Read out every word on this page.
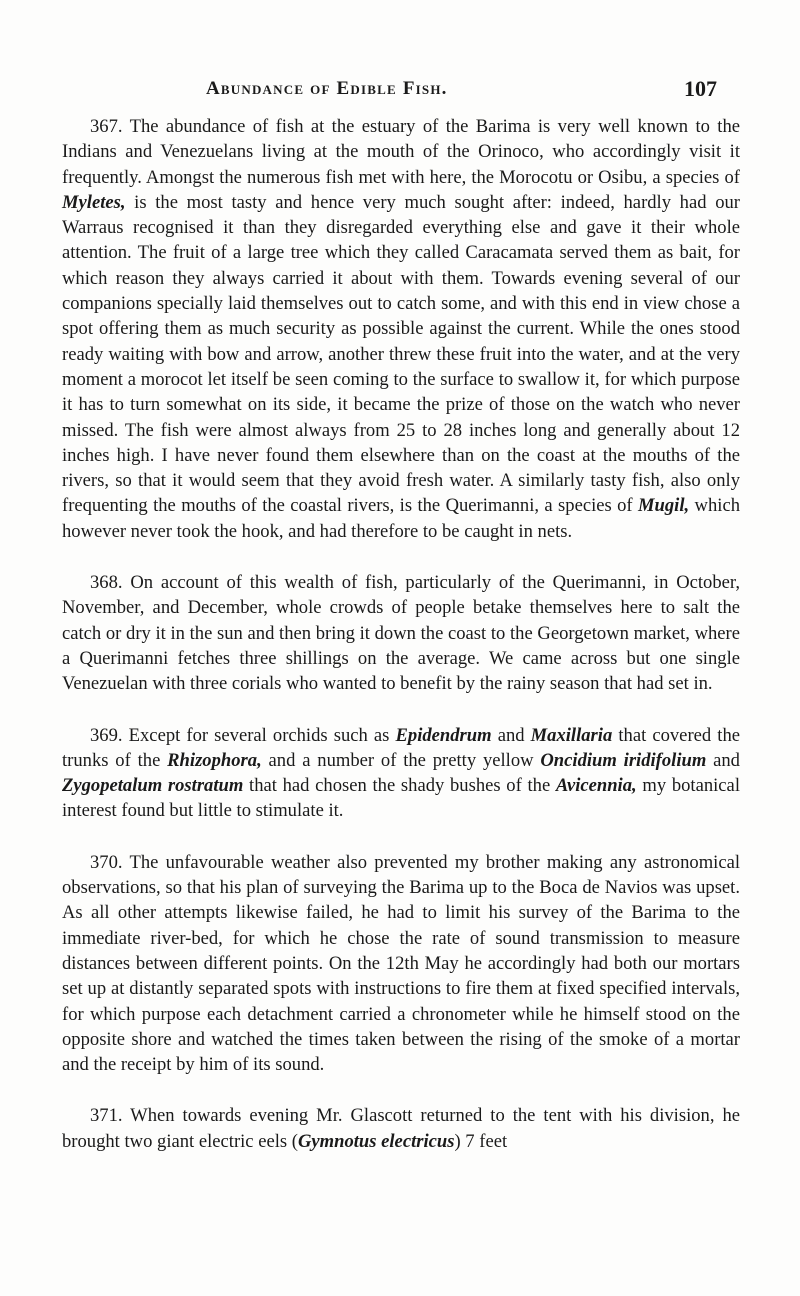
Abundance of Edible Fish.	107

367. The abundance of fish at the estuary of the Barima is very well known to the Indians and Venezuelans living at the mouth of the Orinoco, who accordingly visit it frequently. Amongst the numerous fish met with here, the Morocotu or Osibu, a species of Myletes, is the most tasty and hence very much sought after: indeed, hardly had our Warraus recognised it than they disregarded everything else and gave it their whole attention. The fruit of a large tree which they called Caracamata served them as bait, for which reason they always carried it about with them. Towards evening several of our companions specially laid themselves out to catch some, and with this end in view chose a spot offering them as much security as possible against the current. While the ones stood ready waiting with bow and arrow, another threw these fruit into the water, and at the very moment a morocot let itself be seen coming to the surface to swallow it, for which purpose it has to turn somewhat on its side, it became the prize of those on the watch who never missed. The fish were almost always from 25 to 28 inches long and generally about 12 inches high. I have never found them elsewhere than on the coast at the mouths of the rivers, so that it would seem that they avoid fresh water. A similarly tasty fish, also only frequenting the mouths of the coastal rivers, is the Querimanni, a species of Mugil, which however never took the hook, and had therefore to be caught in nets.

368. On account of this wealth of fish, particularly of the Querimanni, in October, November, and December, whole crowds of people betake themselves here to salt the catch or dry it in the sun and then bring it down the coast to the Georgetown market, where a Querimanni fetches three shillings on the average. We came across but one single Venezuelan with three corials who wanted to benefit by the rainy season that had set in.

369. Except for several orchids such as Epidendrum and Maxillaria that covered the trunks of the Rhizophora, and a number of the pretty yellow Oncidium iridifolium and Zygopetalum rostratum that had chosen the shady bushes of the Avicennia, my botanical interest found but little to stimulate it.

370. The unfavourable weather also prevented my brother making any astronomical observations, so that his plan of surveying the Barima up to the Boca de Navios was upset. As all other attempts likewise failed, he had to limit his survey of the Barima to the immediate river-bed, for which he chose the rate of sound transmission to measure distances between different points. On the 12th May he accordingly had both our mortars set up at distantly separated spots with instructions to fire them at fixed specified intervals, for which purpose each detachment carried a chronometer while he himself stood on the opposite shore and watched the times taken between the rising of the smoke of a mortar and the receipt by him of its sound.

371. When towards evening Mr. Glascott returned to the tent with his division, he brought two giant electric eels (Gymnotus electricus) 7 feet
